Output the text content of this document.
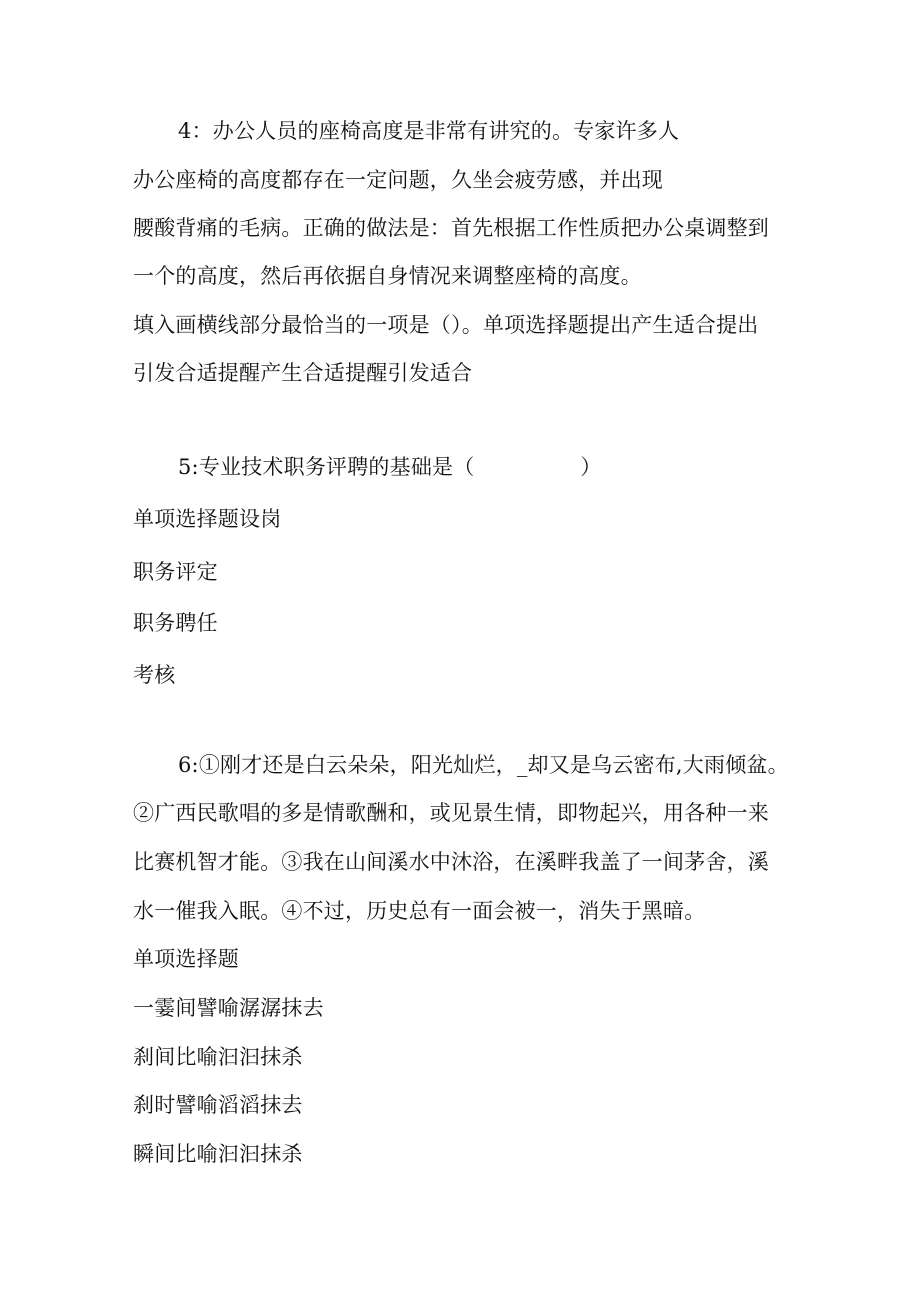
4：办公人员的座椅高度是非常有讲究的。专家许多人
办公座椅的高度都存在一定问题，久坐会疲劳感，并出现
腰酸背痛的毛病。正确的做法是：首先根据工作性质把办公桌调整到
一个的高度，然后再依据自身情况来调整座椅的高度。
填入画横线部分最恰当的一项是（）。单项选择题提出产生适合提出
引发合适提醒产生合适提醒引发适合
5:专业技术职务评聘的基础是（　　　　　）
单项选择题设岗
职务评定
职务聘任
考核
6:①刚才还是白云朵朵，阳光灿烂，_却又是乌云密布,大雨倾盆。
②广西民歌唱的多是情歌酬和，或见景生情，即物起兴，用各种一来
比赛机智才能。③我在山间溪水中沐浴，在溪畔我盖了一间茅舍，溪
水一催我入眠。④不过，历史总有一面会被一，消失于黑暗。
单项选择题
一霎间譬喻潺潺抹去
刹间比喻汩汩抹杀
刹时譬喻滔滔抹去
瞬间比喻汩汩抹杀
